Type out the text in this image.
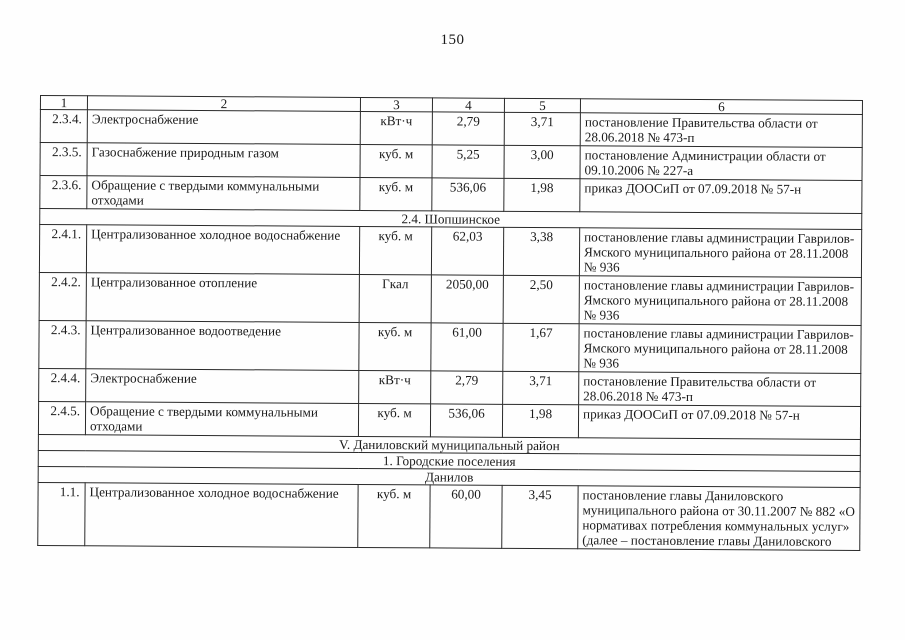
150
1	2	3	4	5	6
2.3.4.	Электроснабжение	кВт·ч	2,79	3,71	постановление Правительства области от 28.06.2018 № 473-п
2.3.5.	Газоснабжение природным газом	куб. м	5,25	3,00	постановление Администрации области от 09.10.2006 № 227-а
2.3.6.	Обращение с твердыми коммунальными отходами	куб. м	536,06	1,98	приказ ДООСиП от 07.09.2018 № 57-н
2.4. Шопшинское					
2.4.1.	Централизованное холодное водоснабжение	куб. м	62,03	3,38	постановление главы администрации Гаврилов-Ямского муниципального района от 28.11.2008 № 936
2.4.2.	Централизованное отопление	Гкал	2050,00	2,50	постановление главы администрации Гаврилов-Ямского муниципального района от 28.11.2008 № 936
2.4.3.	Централизованное водоотведение	куб. м	61,00	1,67	постановление главы администрации Гаврилов-Ямского муниципального района от 28.11.2008 № 936
2.4.4.	Электроснабжение	кВт·ч	2,79	3,71	постановление Правительства области от 28.06.2018 № 473-п
2.4.5.	Обращение с твердыми коммунальными отходами	куб. м	536,06	1,98	приказ ДООСиП от 07.09.2018 № 57-н
V. Даниловский муниципальный район					
1. Городские поселения					
Данилов					
1.1.	Централизованное холодное водоснабжение	куб. м	60,00	3,45	постановление главы Даниловского муниципального района от 30.11.2007 № 882 «О нормативах потребления коммунальных услуг» (далее – постановление главы Даниловского
